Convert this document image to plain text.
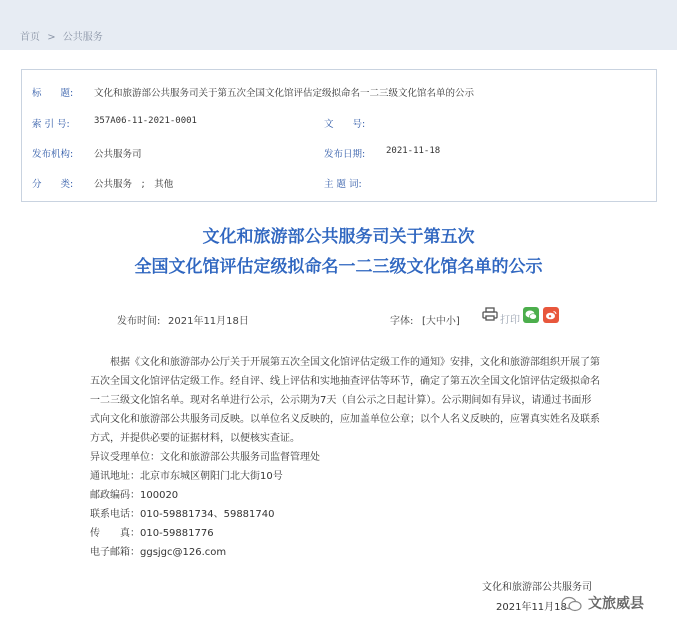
首页 > 公共服务
标　　题: 文化和旅游部公共服务司关于第五次全国文化馆评估定级拟命名一二三级文化馆名单的公示
索 引 号:	357A06-11-2021-0001	文　　号:
发布机构: 公共服务司	发布日期: 2021-11-18
分　　类: 公共服务　;　其他	主 题 词:
文化和旅游部公共服务司关于第五次
全国文化馆评估定级拟命名一二三级文化馆名单的公示
发布时间: 2021年11月18日	字体: [大中小]	打印
　　根据《文化和旅游部办公厅关于开展第五次全国文化馆评估定级工作的通知》安排，文化和旅游部组织开展了第
五次全国文化馆评估定级工作。经自评、线上评估和实地抽查评估等环节，确定了第五次全国文化馆评估定级拟命名
一二三级文化馆名单。现对名单进行公示，公示期为7天（自公示之日起计算）。公示期间如有异议，请通过书面形
式向文化和旅游部公共服务司反映。以单位名义反映的，应加盖单位公章；以个人名义反映的，应署真实姓名及联系
方式，并提供必要的证据材料，以便核实查证。
异议受理单位：文化和旅游部公共服务司监督管理处
通讯地址：北京市东城区朝阳门北大街10号
邮政编码：100020
联系电话：010-59881734、59881740
传　　真：010-59881776
电子邮箱：ggsjgc@126.com
文化和旅游部公共服务司
2021年11月18 文旅威县
